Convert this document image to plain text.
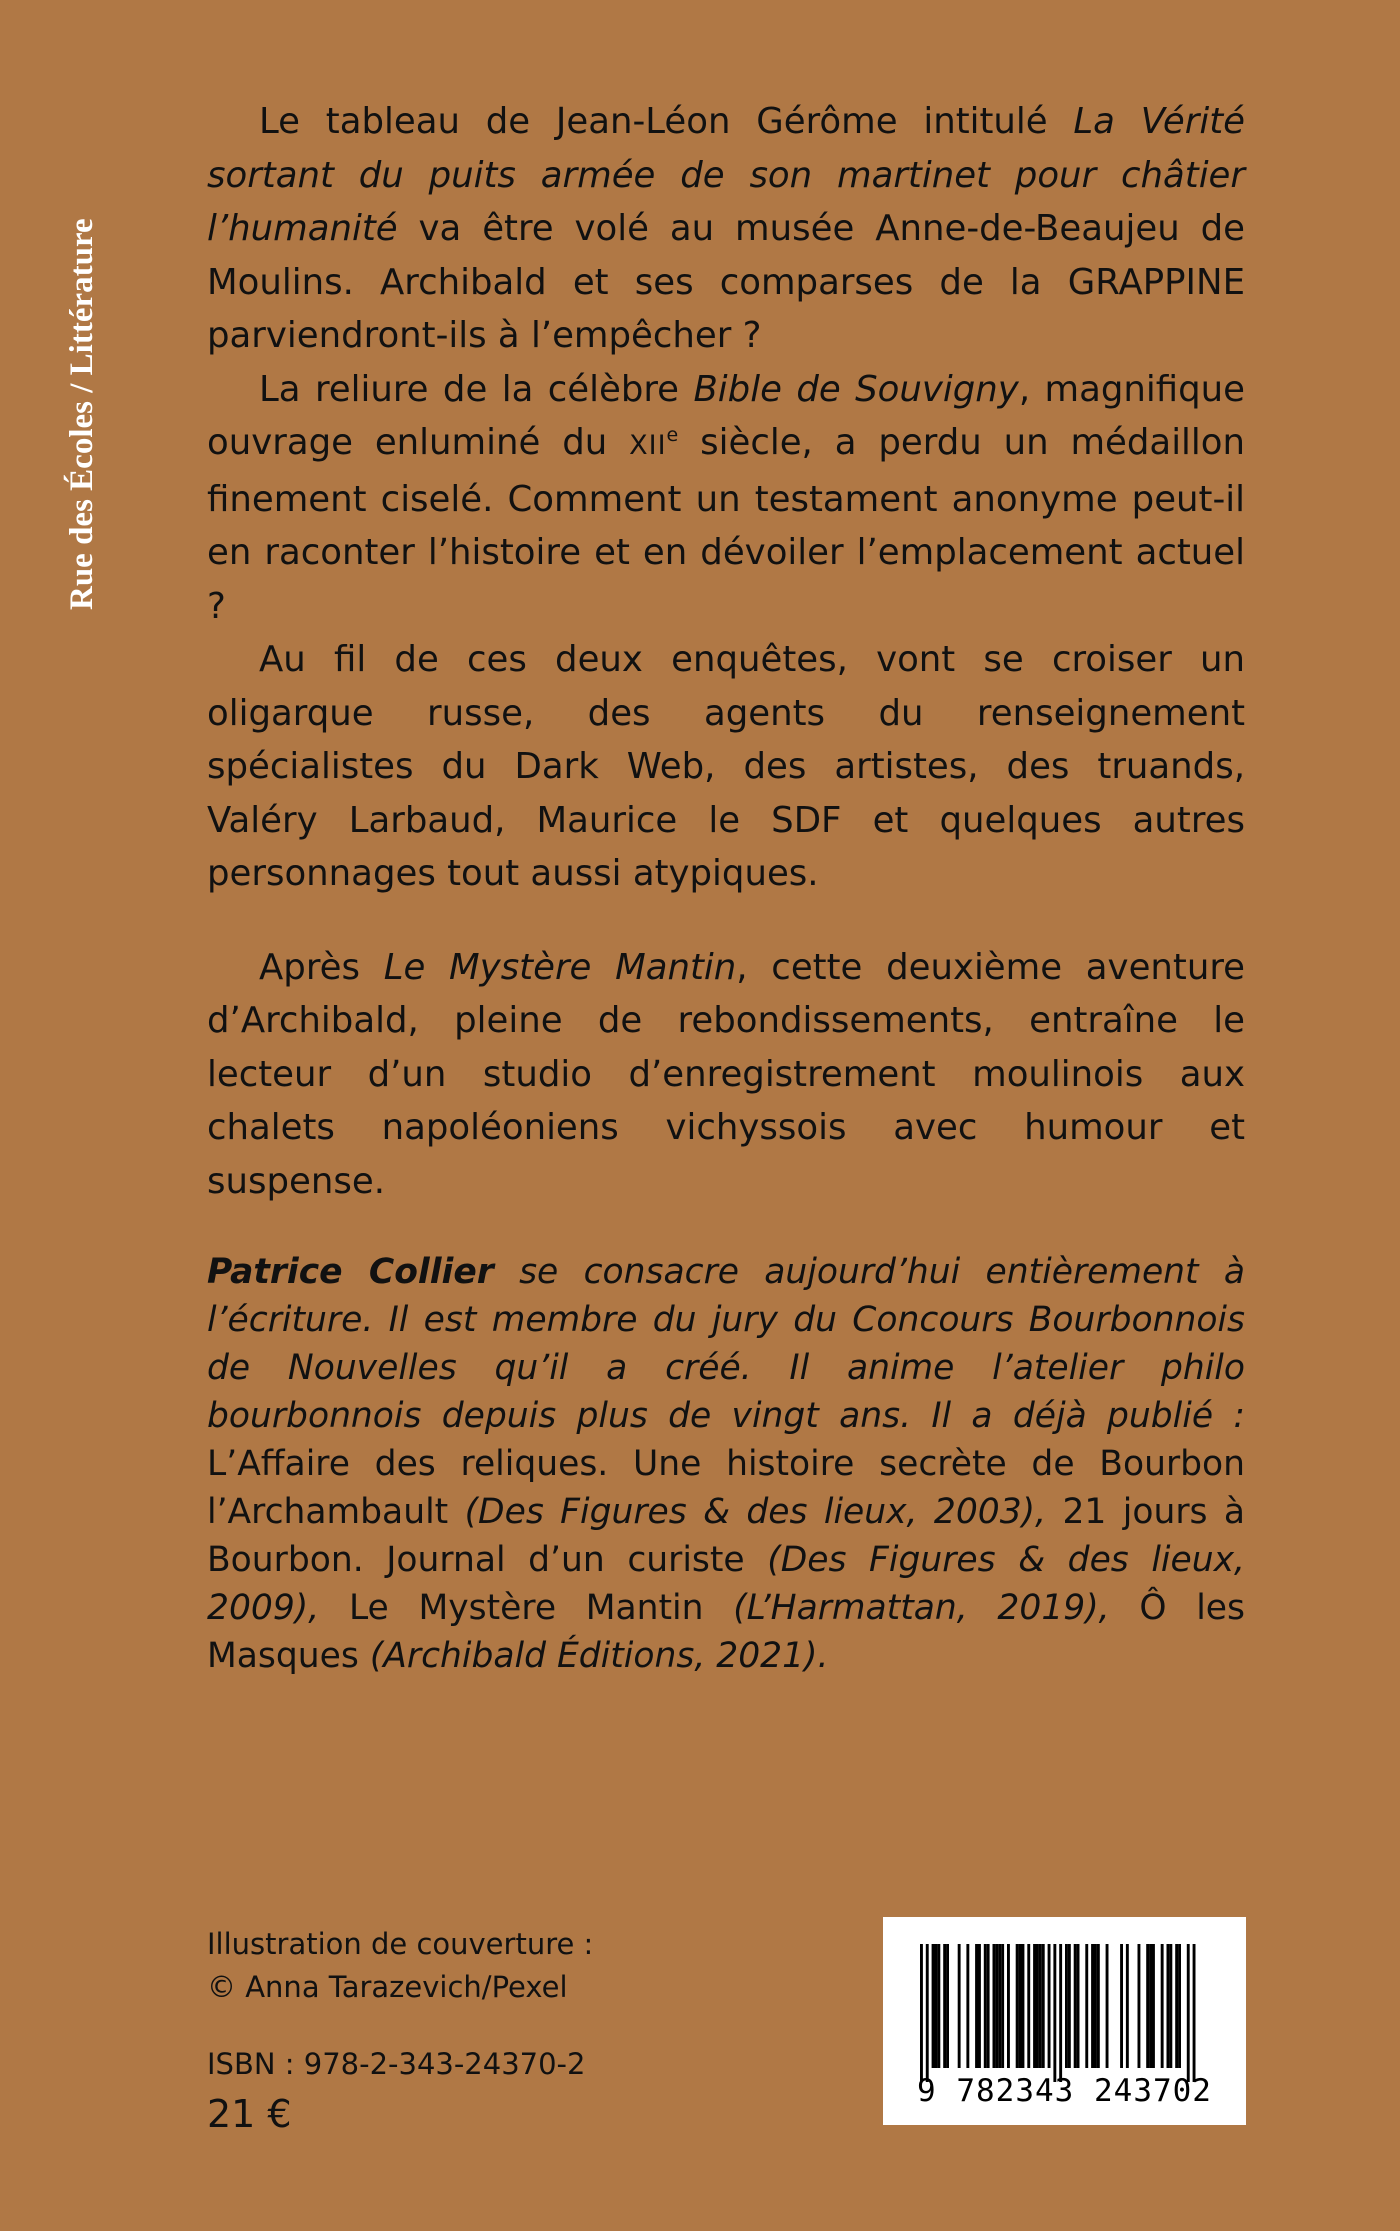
Rue des Écoles / Littérature

Le tableau de Jean-Léon Gérôme intitulé La Vérité sortant du puits armée de son martinet pour châtier l’humanité va être volé au musée Anne-de-Beaujeu de Moulins. Archibald et ses comparses de la GRAPPINE parviendront-ils à l’empêcher ?

La reliure de la célèbre Bible de Souvigny, magnifique ouvrage enluminé du XIIe siècle, a perdu un médaillon finement ciselé. Comment un testament anonyme peut-il en raconter l’histoire et en dévoiler l’emplacement actuel ?

Au fil de ces deux enquêtes, vont se croiser un oligarque russe, des agents du renseignement spécialistes du Dark Web, des artistes, des truands, Valéry Larbaud, Maurice le SDF et quelques autres personnages tout aussi atypiques.

Après Le Mystère Mantin, cette deuxième aventure d’Archibald, pleine de rebondissements, entraîne le lecteur d’un studio d’enregistrement moulinois aux chalets napoléoniens vichyssois avec humour et suspense.

Patrice Collier se consacre aujourd’hui entièrement à l’écriture. Il est membre du jury du Concours Bourbonnois de Nouvelles qu’il a créé. Il anime l’atelier philo bourbonnois depuis plus de vingt ans. Il a déjà publié : L’Affaire des reliques. Une histoire secrète de Bourbon l’Archambault (Des Figures & des lieux, 2003), 21 jours à Bourbon. Journal d’un curiste (Des Figures & des lieux, 2009), Le Mystère Mantin (L’Harmattan, 2019), Ô les Masques (Archibald Éditions, 2021).

Illustration de couverture :
© Anna Tarazevich/Pexel
ISBN : 978-2-343-24370-2
21 €
9 782343 243702
